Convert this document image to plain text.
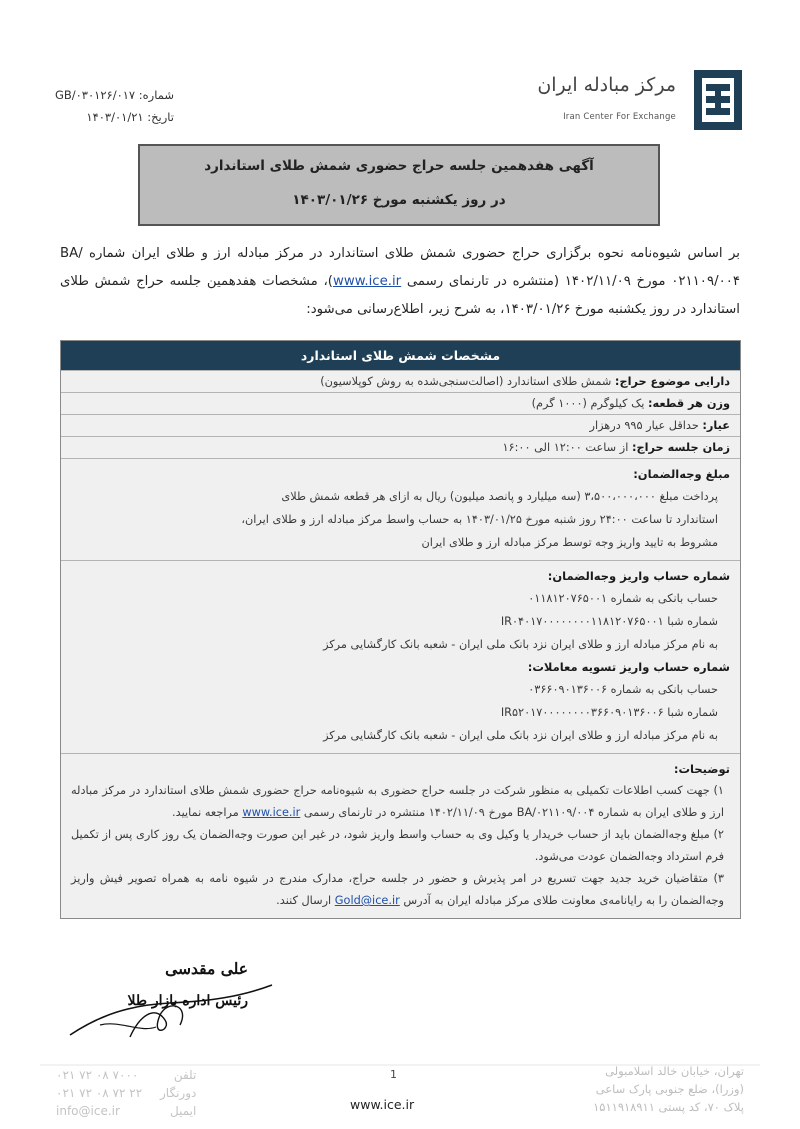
شماره: GB/۰۳۰۱۲۶/۰۱۷
تاریخ: ۱۴۰۳/۰۱/۲۱
مرکز مبادله ایران
Iran Center For Exchange
آگهی هفدهمین جلسه حراج حضوری شمش طلای استاندارد
در روز یکشنبه مورخ ۱۴۰۳/۰۱/۲۶
بر اساس شیوه‌نامه نحوه برگزاری حراج حضوری شمش طلای استاندارد در مرکز مبادله ارز و طلای ایران شماره BA/۰۲۱۱۰۹/۰۰۴ مورخ ۱۴۰۲/۱۱/۰۹ (منتشره در تارنمای رسمی www.ice.ir)، مشخصات هفدهمین جلسه حراج شمش طلای استاندارد در روز یکشنبه مورخ ۱۴۰۳/۰۱/۲۶، به شرح زیر، اطلاع‌رسانی می‌شود:
مشخصات شمش طلای استاندارد
دارایی موضوع حراج: شمش طلای استاندارد (اصالت‌سنجی‌شده به روش کوپلاسیون)
وزن هر قطعه: یک کیلوگرم (۱۰۰۰ گرم)
عیار: حداقل عیار ۹۹۵ درهزار
زمان جلسه حراج: از ساعت ۱۲:۰۰ الی ۱۶:۰۰
مبلغ وجه‌الضمان:
پرداخت مبلغ ۳،۵۰۰،۰۰۰،۰۰۰ (سه میلیارد و پانصد میلیون) ریال به ازای هر قطعه شمش طلای
استاندارد تا ساعت ۲۴:۰۰ روز شنبه مورخ ۱۴۰۳/۰۱/۲۵ به حساب واسط مرکز مبادله ارز و طلای ایران،
مشروط به تایید واریز وجه توسط مرکز مبادله ارز و طلای ایران
شماره حساب واریز وجه‌الضمان:
حساب بانکی به شماره ۰۱۱۸۱۲۰۷۶۵۰۰۱
شماره شبا IR۰۴۰۱۷۰۰۰۰۰۰۰۰۱۱۸۱۲۰۷۶۵۰۰۱
به نام مرکز مبادله ارز و طلای ایران نزد بانک ملی ایران - شعبه بانک کارگشایی مرکز
شماره حساب واریز تسویه معاملات:
حساب بانکی به شماره ۰۳۶۶۰۹۰۱۳۶۰۰۶
شماره شبا IR۵۲۰۱۷۰۰۰۰۰۰۰۰۳۶۶۰۹۰۱۳۶۰۰۶
به نام مرکز مبادله ارز و طلای ایران نزد بانک ملی ایران - شعبه بانک کارگشایی مرکز
توضیحات:
۱) جهت کسب اطلاعات تکمیلی به منظور شرکت در جلسه حراج حضوری به شیوه‌نامه حراج حضوری شمش طلای استاندارد در مرکز مبادله ارز و طلای ایران به شماره BA/۰۲۱۱۰۹/۰۰۴ مورخ ۱۴۰۲/۱۱/۰۹ منتشره در تارنمای رسمی www.ice.ir مراجعه نمایید.
۲) مبلغ وجه‌الضمان باید از حساب خریدار یا وکیل وی به حساب واسط واریز شود، در غیر این صورت وجه‌الضمان یک روز کاری پس از تکمیل فرم استرداد وجه‌الضمان عودت می‌شود.
۳) متقاضیان خرید جدید جهت تسریع در امر پذیرش و حضور در جلسه حراج، مدارک مندرج در شیوه نامه به همراه تصویر فیش واریز وجه‌الضمان را به رایانامه‌ی معاونت طلای مرکز مبادله ایران به آدرس Gold@ice.ir ارسال کنند.
علی مقدسی
رئیس اداره بازار طلا
۰۲۱ ۷۲ ۰۸ ۷۰۰۰
۰۲۱ ۷۲ ۰۸ ۷۲ ۲۲
info@ice.ir
تلفن
دورنگار
ایمیل
تهران، خیابان خالد اسلامبولی
(وزرا)، ضلع جنوبی پارک ساعی
پلاک ۷۰، کد پستی ۱۵۱۱۹۱۸۹۱۱
1
www.ice.ir
